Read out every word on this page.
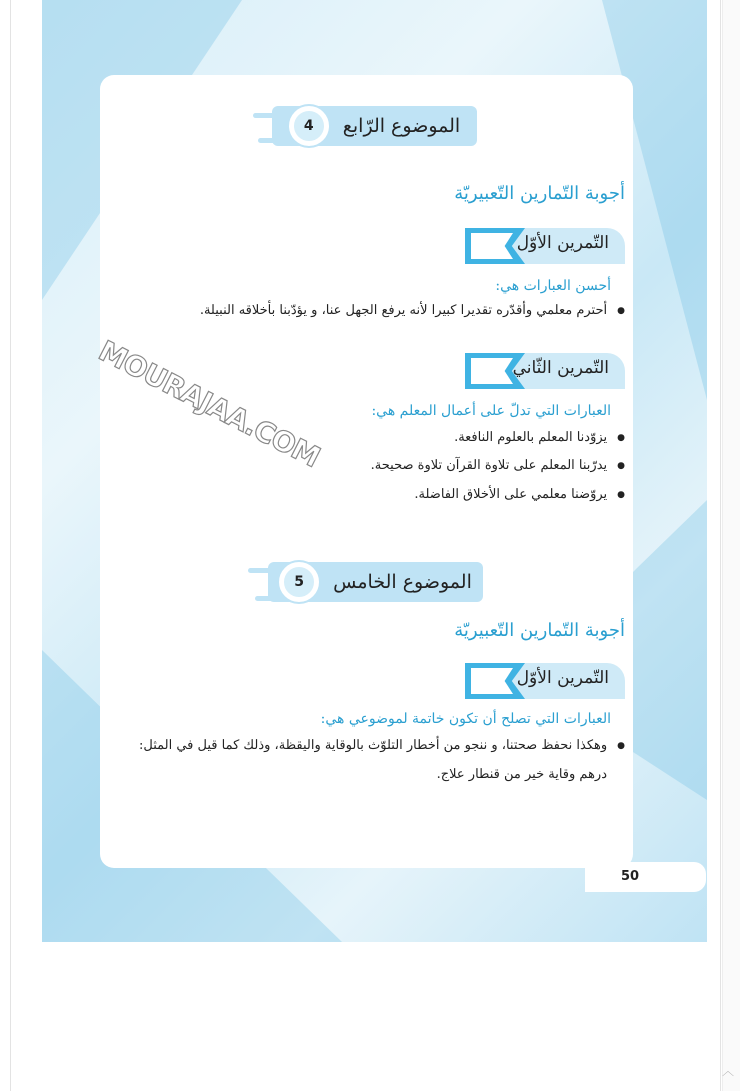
︿
50
الموضوع الرّابع
4
أجوبة التّمارين التّعبيريّة
التّمرين الأوّل
أحسن العبارات هي:
● أحترم معلمي وأقدّره تقديرا كبيرا لأنه يرفع الجهل عنا، و يؤدّبنا بأخلاقه النبيلة.
التّمرين الثّاني
العبارات التي تدلّ على أعمال المعلم هي:
● يزوّدنا المعلم بالعلوم النافعة.
● يدرّبنا المعلم على تلاوة القرآن تلاوة صحيحة.
● يروّضنا معلمي على الأخلاق الفاضلة.
الموضوع الخامس
5
أجوبة التّمارين التّعبيريّة
التّمرين الأوّل
العبارات التي تصلح أن تكون خاتمة لموضوعي هي:
● وهكذا نحفظ صحتنا، و ننجو من أخطار التلوّث بالوقاية واليقظة، وذلك كما قيل في المثل:
درهم وقاية خير من قنطار علاج.
MOURAJAA.COM
